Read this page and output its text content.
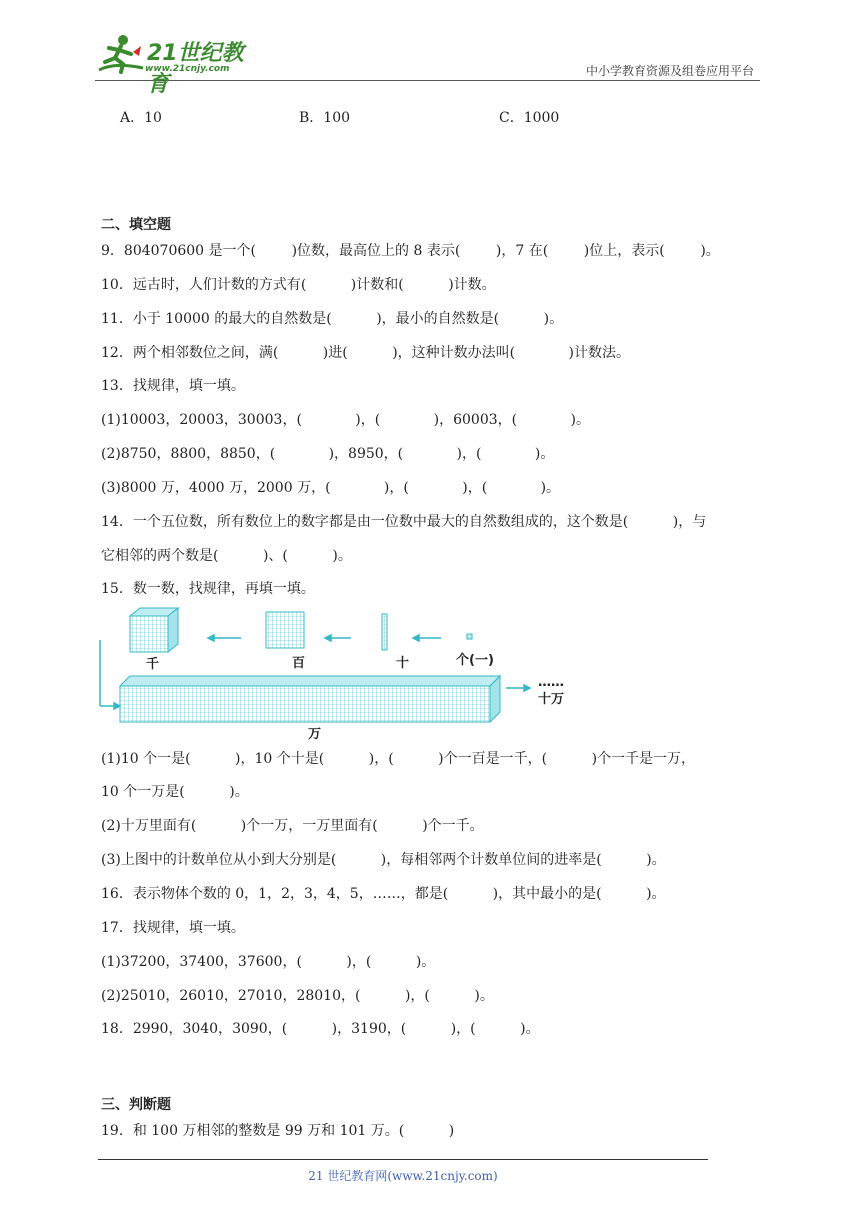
21世纪教育
www.21cnjy.com	中小学教育资源及组卷应用平台
A．10	B．100	C．1000
二、填空题
9．804070600 是一个(        )位数，最高位上的 8 表示(        )，7 在(        )位上，表示(        )。
10．远古时，人们计数的方式有(          )计数和(          )计数。
11．小于 10000 的最大的自然数是(          )，最小的自然数是(          )。
12．两个相邻数位之间，满(          )进(          )，这种计数办法叫(            )计数法。
13．找规律，填一填。
(1)10003，20003，30003，(            )，(            )，60003，(            )。
(2)8750，8800，8850，(            )，8950，(            )，(            )。
(3)8000 万，4000 万，2000 万，(            )，(            )，(            )。
14．一个五位数，所有数位上的数字都是由一位数中最大的自然数组成的，这个数是(          )，与
它相邻的两个数是(          )、(          )。
15．数一数，找规律，再填一填。
千	百	十	个(一)
万
十万
……
(1)10 个一是(          )，10 个十是(          )，(          )个一百是一千，(          )个一千是一万，
10 个一万是(          )。
(2)十万里面有(          )个一万，一万里面有(          )个一千。
(3)上图中的计数单位从小到大分别是(          )，每相邻两个计数单位间的进率是(          )。
16．表示物体个数的 0，1，2，3，4，5，……，都是(          )，其中最小的是(          )。
17．找规律，填一填。
(1)37200，37400，37600，(          )，(          )。
(2)25010，26010，27010，28010，(          )，(          )。
18．2990，3040，3090，(          )，3190，(          )，(          )。
三、判断题
19．和 100 万相邻的整数是 99 万和 101 万。(          )
21 世纪教育网(www.21cnjy.com)
